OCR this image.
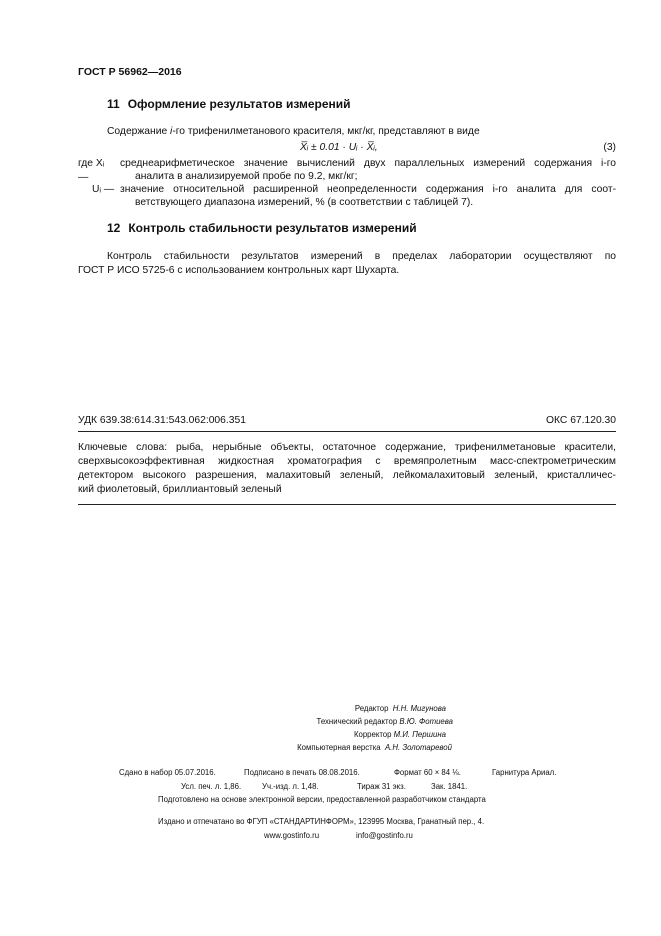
ГОСТ Р 56962—2016
11 Оформление результатов измерений
Содержание i-го трифенилметанового красителя, мкг/кг, представляют в виде
X̅ᵢ ± 0.01 · Uᵢ · X̅ᵢ,	(3)
где Xᵢ —
среднеарифметическое значение вычислений двух параллельных измерений содержания i-го
аналита в анализируемой пробе по 9.2, мкг/кг;
Uᵢ — значение относительной расширенной неопределенности содержания i-го аналита для соот-
ветствующего диапазона измерений, % (в соответствии с таблицей 7).
12 Контроль стабильности результатов измерений
Контроль стабильности результатов измерений в пределах лаборатории осуществляют по
ГОСТ Р ИСО 5725-6 с использованием контрольных карт Шухарта.
УДК 639.38:614.31:543.062:006.351	ОКС 67.120.30
Ключевые слова: рыба, нерыбные объекты, остаточное содержание, трифенилметановые красители,
сверхвысокоэффективная жидкостная хроматография с времяпролетным масс-спектрометрическим
детектором высокого разрешения, малахитовый зеленый, лейкомалахитовый зеленый, кристалличес-
кий фиолетовый, бриллиантовый зеленый
Редактор Н.Н. Мигунова
Технический редактор В.Ю. Фотиева
Корректор М.И. Першина
Компьютерная верстка А.Н. Золотаревой
Сдано в набор 05.07.2016.	Подписано в печать 08.08.2016.	Формат 60 × 84 ⅛.	Гарнитура Ариал.
Усл. печ. л. 1,86.	Уч.-изд. л. 1,48.	Тираж 31 экз.	Зак. 1841.
Подготовлено на основе электронной версии, предоставленной разработчиком стандарта
Издано и отпечатано во ФГУП «СТАНДАРТИНФОРМ», 123995 Москва, Гранатный пер., 4.
www.gostinfo.ru	info@gostinfo.ru
